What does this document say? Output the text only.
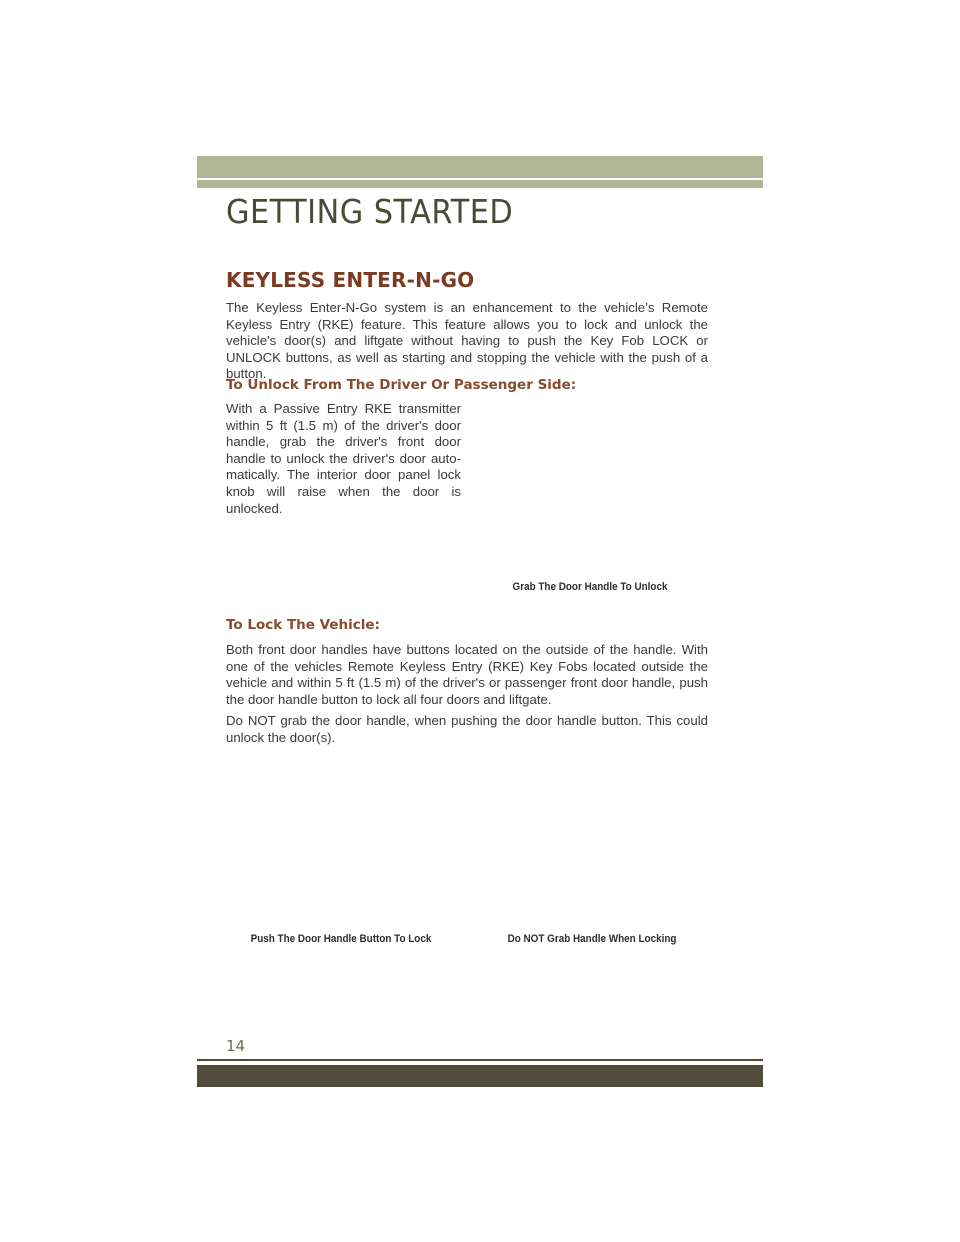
GETTING STARTED
KEYLESS ENTER-N-GO

The Keyless Enter-N-Go system is an enhancement to the vehicle’s Remote Keyless Entry (RKE) feature. This feature allows you to lock and unlock the vehicle's door(s) and liftgate without having to push the Key Fob LOCK or UNLOCK buttons, as well as starting and stopping the vehicle with the push of a button.

To Unlock From The Driver Or Passenger Side:

With a Passive Entry RKE transmitter within 5 ft (1.5 m) of the driver's door handle, grab the driver's front door handle to unlock the driver's door auto-matically. The interior door panel lock knob will raise when the door is unlocked.

Grab The Door Handle To Unlock
To Lock The Vehicle:

Both front door handles have buttons located on the outside of the handle. With one of the vehicles Remote Keyless Entry (RKE) Key Fobs located outside the vehicle and within 5 ft (1.5 m) of the driver's or passenger front door handle, push the door handle button to lock all four doors and liftgate.

Do NOT grab the door handle, when pushing the door handle button. This could unlock the door(s).

Push The Door Handle Button To Lock	Do NOT Grab Handle When Locking
14
